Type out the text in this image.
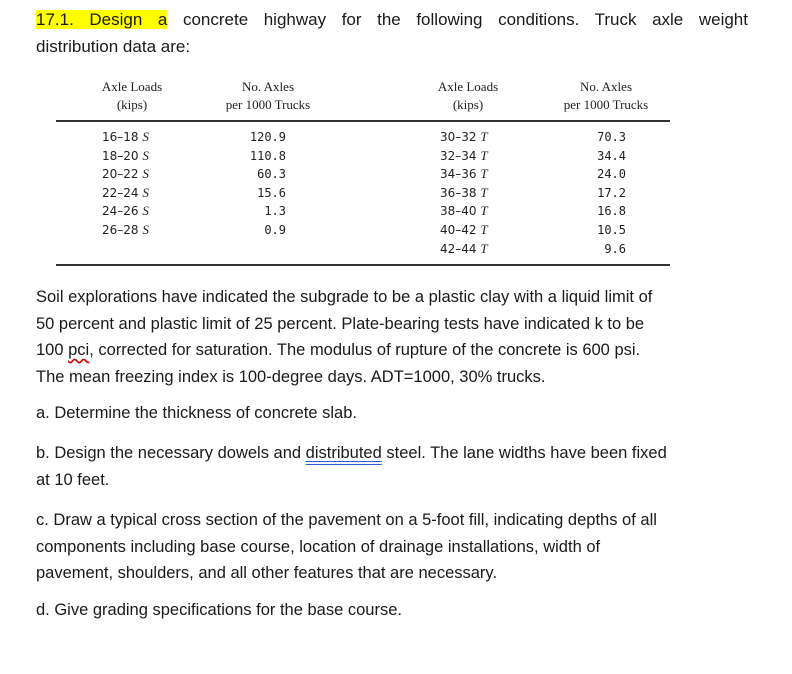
17.1. Design a concrete highway for the following conditions. Truck axle weight
distribution data are:
Axle Loads
(kips)
No. Axles
per 1000 Trucks
Axle Loads
(kips)
No. Axles
per 1000 Trucks
16–18 S
18–20 S
20–22 S
22–24 S
24–26 S
26–28 S
120.9
110.8
60.3
15.6
1.3
0.9
30–32 T
32–34 T
34–36 T
36–38 T
38–40 T
40–42 T
42–44 T
70.3
34.4
24.0
17.2
16.8
10.5
9.6
Soil explorations have indicated the subgrade to be a plastic clay with a liquid limit of
50 percent and plastic limit of 25 percent. Plate-bearing tests have indicated k to be
100 pci, corrected for saturation. The modulus of rupture of the concrete is 600 psi.
The mean freezing index is 100-degree days. ADT=1000, 30% trucks.
a. Determine the thickness of concrete slab.
b. Design the necessary dowels and distributed steel. The lane widths have been fixed
at 10 feet.
c. Draw a typical cross section of the pavement on a 5-foot fill, indicating depths of all
components including base course, location of drainage installations, width of
pavement, shoulders, and all other features that are necessary.
d. Give grading specifications for the base course.
